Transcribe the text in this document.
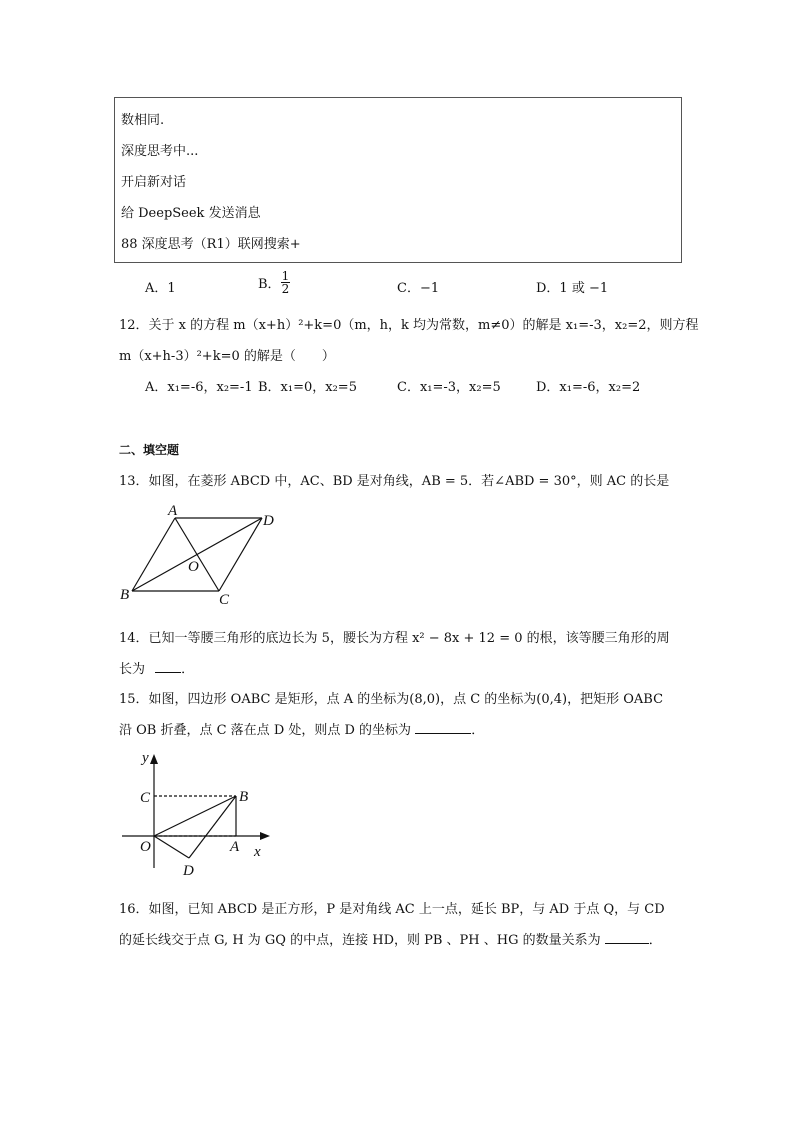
数相同.
深度思考中...
开启新对话
给 DeepSeek 发送消息
88 深度思考（R1）联网搜索+
A．1	B． $\frac{1}{2}$	C．−1	D．1 或 −1
12．关于 x 的方程 m（x+h）²+k=0（m，h，k 均为常数，m≠0）的解是 x₁=-3，x₂=2，则方程
m（x+h-3）²+k=0 的解是（　　）
A．x₁=-6，x₂=-1 B．x₁=0，x₂=5	C．x₁=-3，x₂=5	D．x₁=-6，x₂=2
二、填空题
13．如图，在菱形 ABCD 中，AC、BD 是对角线，AB = 5．若∠ABD = 30°，则 AC 的长是
A
D
B	C
O
14．已知一等腰三角形的底边长为 5，腰长为方程 x² − 8x + 12 = 0 的根，该等腰三角形的周
长为	．
15．如图，四边形 OABC 是矩形，点 A 的坐标为(8,0)，点 C 的坐标为(0,4)，把矩形 OABC
沿 OB 折叠，点 C 落在点 D 处，则点 D 的坐标为	．
y
x
C	B
O	A
D
16．如图，已知 ABCD 是正方形，P 是对角线 AC 上一点，延长 BP，与 AD 于点 Q，与 CD
的延长线交于点 G, H 为 GQ 的中点，连接 HD，则 PB 、PH 、HG 的数量关系为	．
